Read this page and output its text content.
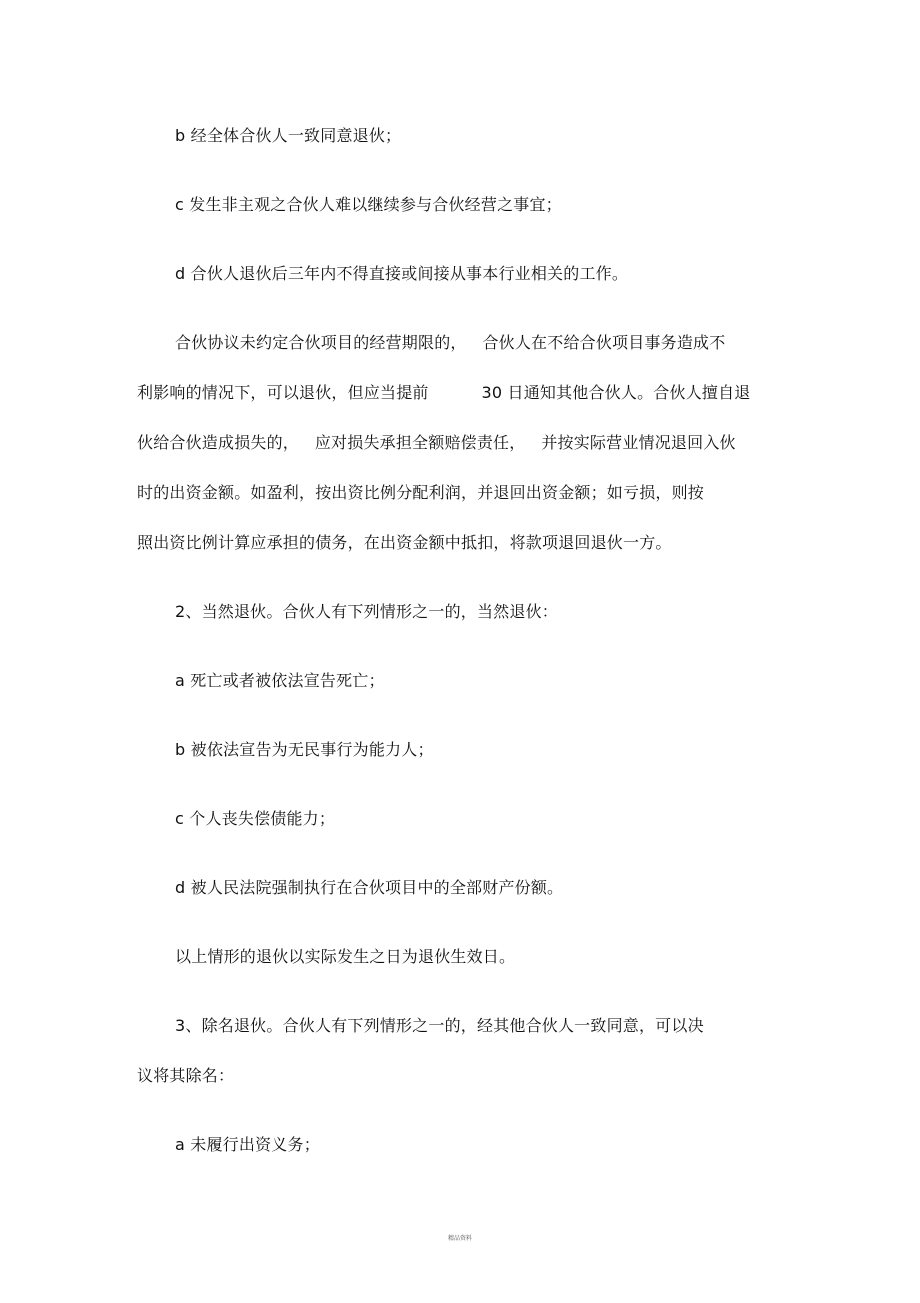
b 经全体合伙人一致同意退伙；
c 发生非主观之合伙人难以继续参与合伙经营之事宜；
d 合伙人退伙后三年内不得直接或间接从事本行业相关的工作。
合伙协议未约定合伙项目的经营期限的，   合伙人在不给合伙项目事务造成不
利影响的情况下，可以退伙，但应当提前          30 日通知其他合伙人。合伙人擅自退
伙给合伙造成损失的，   应对损失承担全额赔偿责任，   并按实际营业情况退回入伙
时的出资金额。如盈利，按出资比例分配利润，并退回出资金额；如亏损，则按
照出资比例计算应承担的债务，在出资金额中抵扣，将款项退回退伙一方。
2、当然退伙。合伙人有下列情形之一的，当然退伙：
a 死亡或者被依法宣告死亡；
b 被依法宣告为无民事行为能力人；
c 个人丧失偿债能力；
d 被人民法院强制执行在合伙项目中的全部财产份额。
以上情形的退伙以实际发生之日为退伙生效日。
3、除名退伙。合伙人有下列情形之一的，经其他合伙人一致同意，可以决
议将其除名：
a 未履行出资义务；
精品资料
